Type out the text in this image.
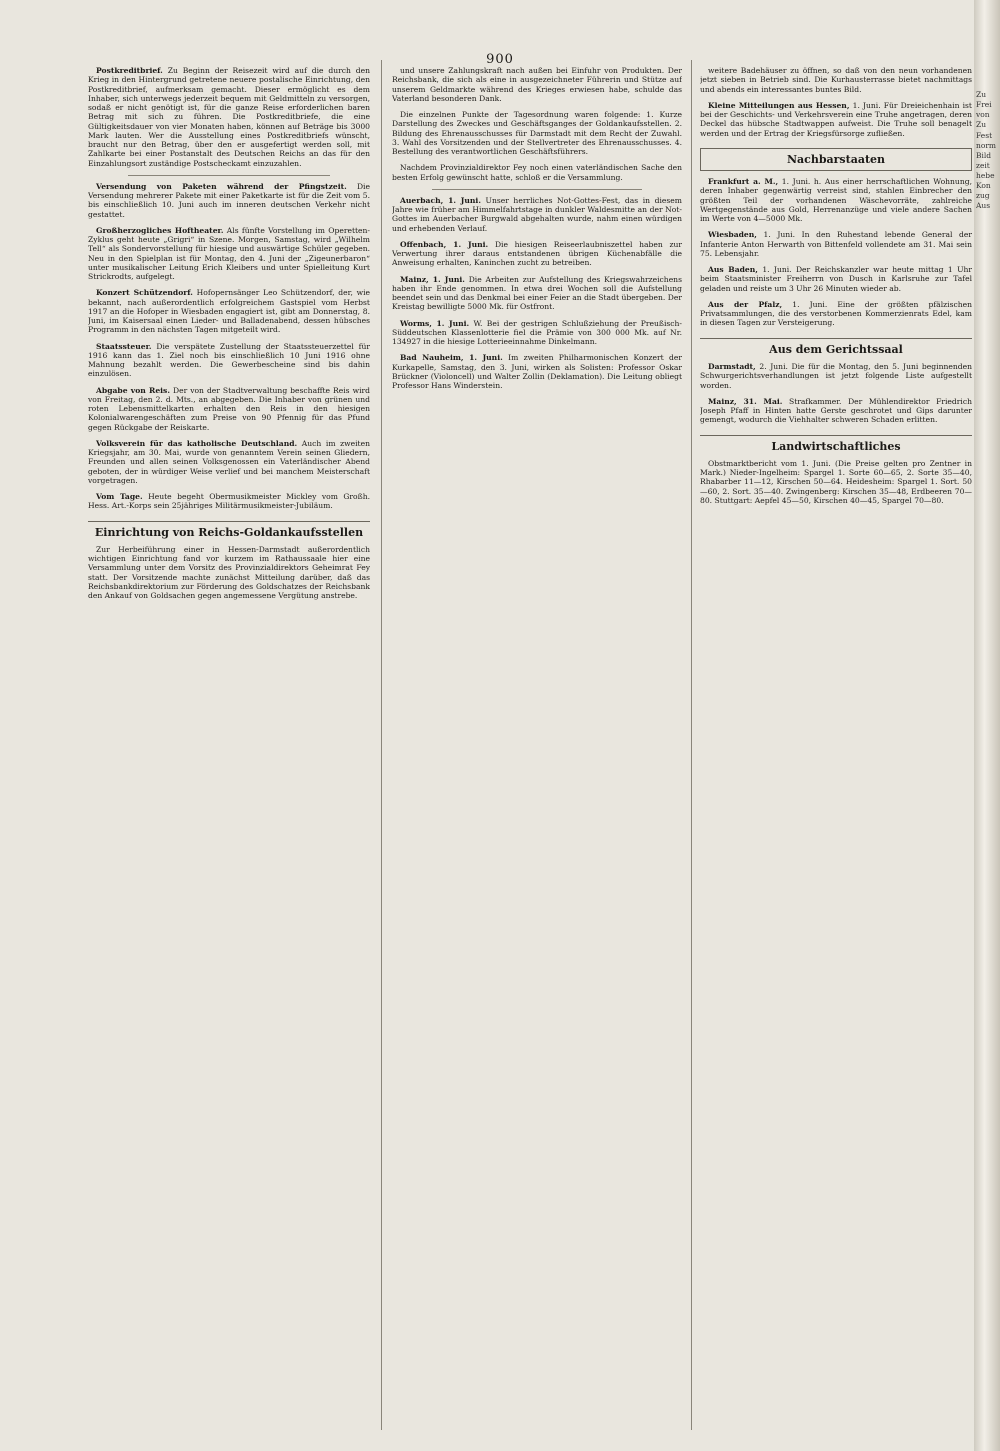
900

Postkreditbrief. Zu Beginn der Reisezeit wird auf die durch den Krieg in den Hintergrund getretene neuere postalische Einrichtung, den Postkreditbrief, aufmerksam gemacht. Dieser ermöglicht es dem Inhaber, sich unterwegs jederzeit bequem mit Geldmitteln zu versorgen, sodaß er nicht genötigt ist, für die ganze Reise erforderlichen baren Betrag mit sich zu führen. Die Postkreditbriefe, die eine Gültigkeitsdauer von vier Monaten haben, können auf Beträge bis 3000 Mark lauten. Wer die Ausstellung eines Postkreditbriefs wünscht, braucht nur den Betrag, über den er ausgefertigt werden soll, mit Zahlkarte bei einer Postanstalt des Deutschen Reichs an das für den Einzahlungsort zuständige Postscheckamt einzuzahlen.

Versendung von Paketen während der Pfingstzeit. Die Versendung mehrerer Pakete mit einer Paketkarte ist für die Zeit vom 5. bis einschließlich 10. Juni auch im inneren deutschen Verkehr nicht gestattet.

Großherzogliches Hoftheater. Als fünfte Vorstellung im Operetten-Zyklus geht heute „Grigri“ in Szene. Morgen, Samstag, wird „Wilhelm Tell“ als Sondervorstellung für hiesige und auswärtige Schüler gegeben. Neu in den Spielplan ist für Montag, den 4. Juni der „Zigeunerbaron“ unter musikalischer Leitung Erich Kleibers und unter Spielleitung Kurt Strickrodts, aufgelegt.

Konzert Schützendorf. Hofopernsänger Leo Schützendorf, der, wie bekannt, nach außerordentlich erfolgreichem Gastspiel vom Herbst 1917 an die Hofoper in Wiesbaden engagiert ist, gibt am Donnerstag, 8. Juni, im Kaisersaal einen Lieder- und Balladenabend, dessen hübsches Programm in den nächsten Tagen mitgeteilt wird.

Staatssteuer. Die verspätete Zustellung der Staatssteuerzettel für 1916 kann das 1. Ziel noch bis einschließlich 10 Juni 1916 ohne Mahnung bezahlt werden. Die Gewerbescheine sind bis dahin einzulösen.

Abgabe von Reis. Der von der Stadtverwaltung beschaffte Reis wird von Freitag, den 2. d. Mts., an abgegeben. Die Inhaber von grünen und roten Lebensmittelkarten erhalten den Reis in den hiesigen Kolonialwarengeschäften zum Preise von 90 Pfennig für das Pfund gegen Rückgabe der Reiskarte.

Volksverein für das katholische Deutschland. Auch im zweiten Kriegsjahr, am 30. Mai, wurde von genanntem Verein seinen Gliedern, Freunden und allen seinen Volksgenossen ein Vaterländischer Abend geboten, der in würdiger Weise verlief und bei manchem Meisterschaft vorgetragen.

Vom Tage. Heute begeht Obermusikmeister Mickley vom Großh. Hess. Art.-Korps sein 25jähriges Militärmusikmeister-Jubiläum.

Einrichtung von Reichs-Goldankaufsstellen

Zur Herbeiführung einer in Hessen-Darmstadt außerordentlich wichtigen Einrichtung fand vor kurzem im Rathaussaale hier eine Versammlung unter dem Vorsitz des Provinzialdirektors Geheimrat Fey statt. Der Vorsitzende machte zunächst Mitteilung darüber, daß das Reichsbankdirektorium zur Förderung des Goldschatzes der Reichsbank den Ankauf von Goldsachen gegen angemessene Vergütung anstrebe.

und unsere Zahlungskraft nach außen bei Einfuhr von Produkten. Der Reichsbank, die sich als eine in ausgezeichneter Führerin und Stütze auf unserem Geldmarkte während des Krieges erwiesen habe, schulde das Vaterland besonderen Dank.

Die einzelnen Punkte der Tagesordnung waren folgende: 1. Kurze Darstellung des Zweckes und Geschäftsganges der Goldankaufsstellen. 2. Bildung des Ehrenausschusses für Darmstadt mit dem Recht der Zuwahl. 3. Wahl des Vorsitzenden und der Stellvertreter des Ehrenausschusses. 4. Bestellung des verantwortlichen Geschäftsführers.

Nachdem Provinzialdirektor Fey noch einen vaterländischen Sache den besten Erfolg gewünscht hatte, schloß er die Versammlung.

Auerbach, 1. Juni. Unser herrliches Not-Gottes-Fest, das in diesem Jahre wie früher am Himmelfahrtstage in dunkler Waldesmitte an der Not-Gottes im Auerbacher Burgwald abgehalten wurde, nahm einen würdigen und erhebenden Verlauf.

Offenbach, 1. Juni. Die hiesigen Reiseerlaubniszettel haben zur Verwertung ihrer daraus entstandenen übrigen Küchenabfälle die Anweisung erhalten, Kaninchen zucht zu betreiben.

Mainz, 1. Juni. Die Arbeiten zur Aufstellung des Kriegswahrzeichens haben ihr Ende genommen. In etwa drei Wochen soll die Aufstellung beendet sein und das Denkmal bei einer Feier an die Stadt übergeben. Der Kreistag bewilligte 5000 Mk. für Ostfront.

Worms, 1. Juni. W. Bei der gestrigen Schlußziehung der Preußisch-Süddeutschen Klassenlotterie fiel die Prämie von 300 000 Mk. auf Nr. 134927 in die hiesige Lotterieeinnahme Dinkelmann.

Bad Nauheim, 1. Juni. Im zweiten Philharmonischen Konzert der Kurkapelle, Samstag, den 3. Juni, wirken als Solisten: Professor Oskar Brückner (Violoncell) und Walter Zollin (Deklamation). Die Leitung obliegt Professor Hans Winderstein.

weitere Badehäuser zu öffnen, so daß von den neun vorhandenen jetzt sieben in Betrieb sind. Die Kurhausterrasse bietet nachmittags und abends ein interessantes buntes Bild.

Kleine Mitteilungen aus Hessen, 1. Juni. Für Dreieichenhain ist bei der Geschichts- und Verkehrsverein eine Truhe angetragen, deren Deckel das hübsche Stadtwappen aufweist. Die Truhe soll benagelt werden und der Ertrag der Kriegsfürsorge zufließen.

Nachbarstaaten

Frankfurt a. M., 1. Juni. h. Aus einer herrschaftlichen Wohnung, deren Inhaber gegenwärtig verreist sind, stahlen Einbrecher den größten Teil der vorhandenen Wäschevorräte, zahlreiche Wertgegenstände aus Gold, Herrenanzüge und viele andere Sachen im Werte von 4—5000 Mk.

Wiesbaden, 1. Juni. In den Ruhestand lebende General der Infanterie Anton Herwarth von Bittenfeld vollendete am 31. Mai sein 75. Lebensjahr.

Aus Baden, 1. Juni. Der Reichskanzler war heute mittag 1 Uhr beim Staatsminister Freiherrn von Dusch in Karlsruhe zur Tafel geladen und reiste um 3 Uhr 26 Minuten wieder ab.

Aus der Pfalz, 1. Juni. Eine der größten pfälzischen Privatsammlungen, die des verstorbenen Kommerzienrats Edel, kam in diesen Tagen zur Versteigerung.

Aus dem Gerichtssaal

Darmstadt, 2. Juni. Die für die Montag, den 5. Juni beginnenden Schwurgerichtsverhandlungen ist jetzt folgende Liste aufgestellt worden.

Mainz, 31. Mai. Strafkammer. Der Mühlendirektor Friedrich Joseph Pfaff in Hinten hatte Gerste geschrotet und Gips darunter gemengt, wodurch die Viehhalter schweren Schaden erlitten.

Landwirtschaftliches

Obstmarktbericht vom 1. Juni. (Die Preise gelten pro Zentner in Mark.) Nieder-Ingelheim: Spargel 1. Sorte 60—65, 2. Sorte 35—40, Rhabarber 11—12, Kirschen 50—64. Heidesheim: Spargel 1. Sort. 50—60, 2. Sort. 35—40. Zwingenberg: Kirschen 35—48, Erdbeeren 70—80. Stuttgart: Aepfel 45—50, Kirschen 40—45, Spargel 70—80.

Zu
Frei
von
Zu
Fest
norm
Bild
zeit
hebe
Kon
zug
Aus
